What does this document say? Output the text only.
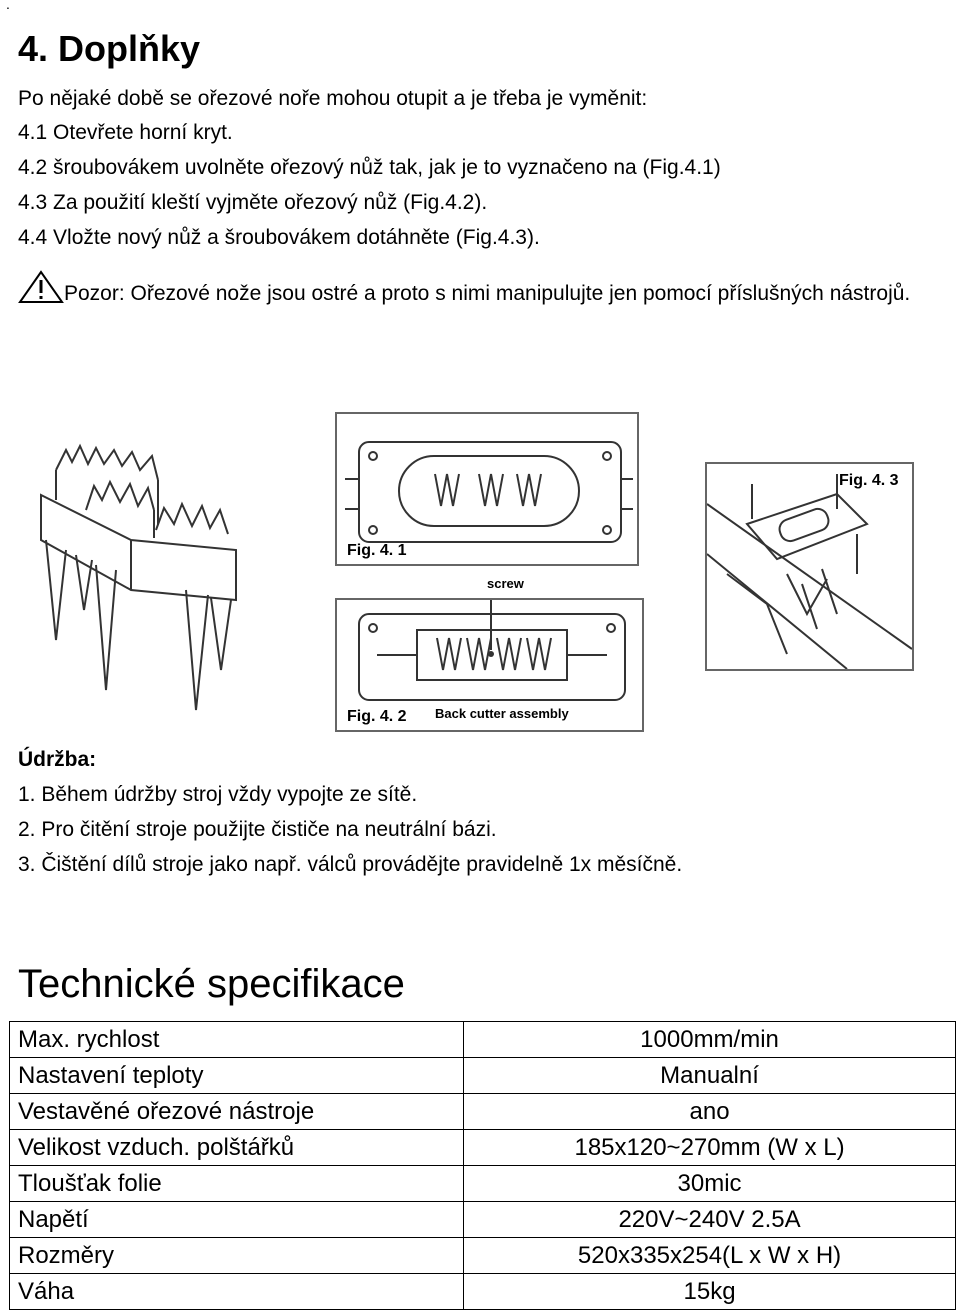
.
4. Doplňky
Po nějaké době se ořezové noře mohou otupit a je třeba je vyměnit:
4.1 Otevřete horní kryt.
4.2 šroubovákem uvolněte ořezový nůž tak, jak je to vyznačeno na (Fig.4.1)
4.3 Za použití kleští vyjměte ořezový nůž (Fig.4.2).
4.4 Vložte nový nůž a šroubovákem dotáhněte (Fig.4.3).
Pozor: Ořezové nože jsou ostré a proto s nimi manipulujte jen pomocí příslušných nástrojů.
Fig. 4. 1
screw
Fig. 4. 2 Back cutter assembly
Fig. 4. 3
Údržba:
1. Během údržby stroj vždy vypojte ze sítě.
2. Pro čitění stroje použijte čističe na neutrální bázi.
3. Čištění dílů stroje jako např. válců provádějte pravidelně 1x měsíčně.
Technické specifikace
Max. rychlost	1000mm/min
Nastavení teploty	Manualní
Vestavěné ořezové nástroje	ano
Velikost vzduch. polštářků	185x120~270mm (W x L)
Tloušťak folie	30mic
Napětí	220V~240V 2.5A
Rozměry	520x335x254(L x W x H)
Váha	15kg
